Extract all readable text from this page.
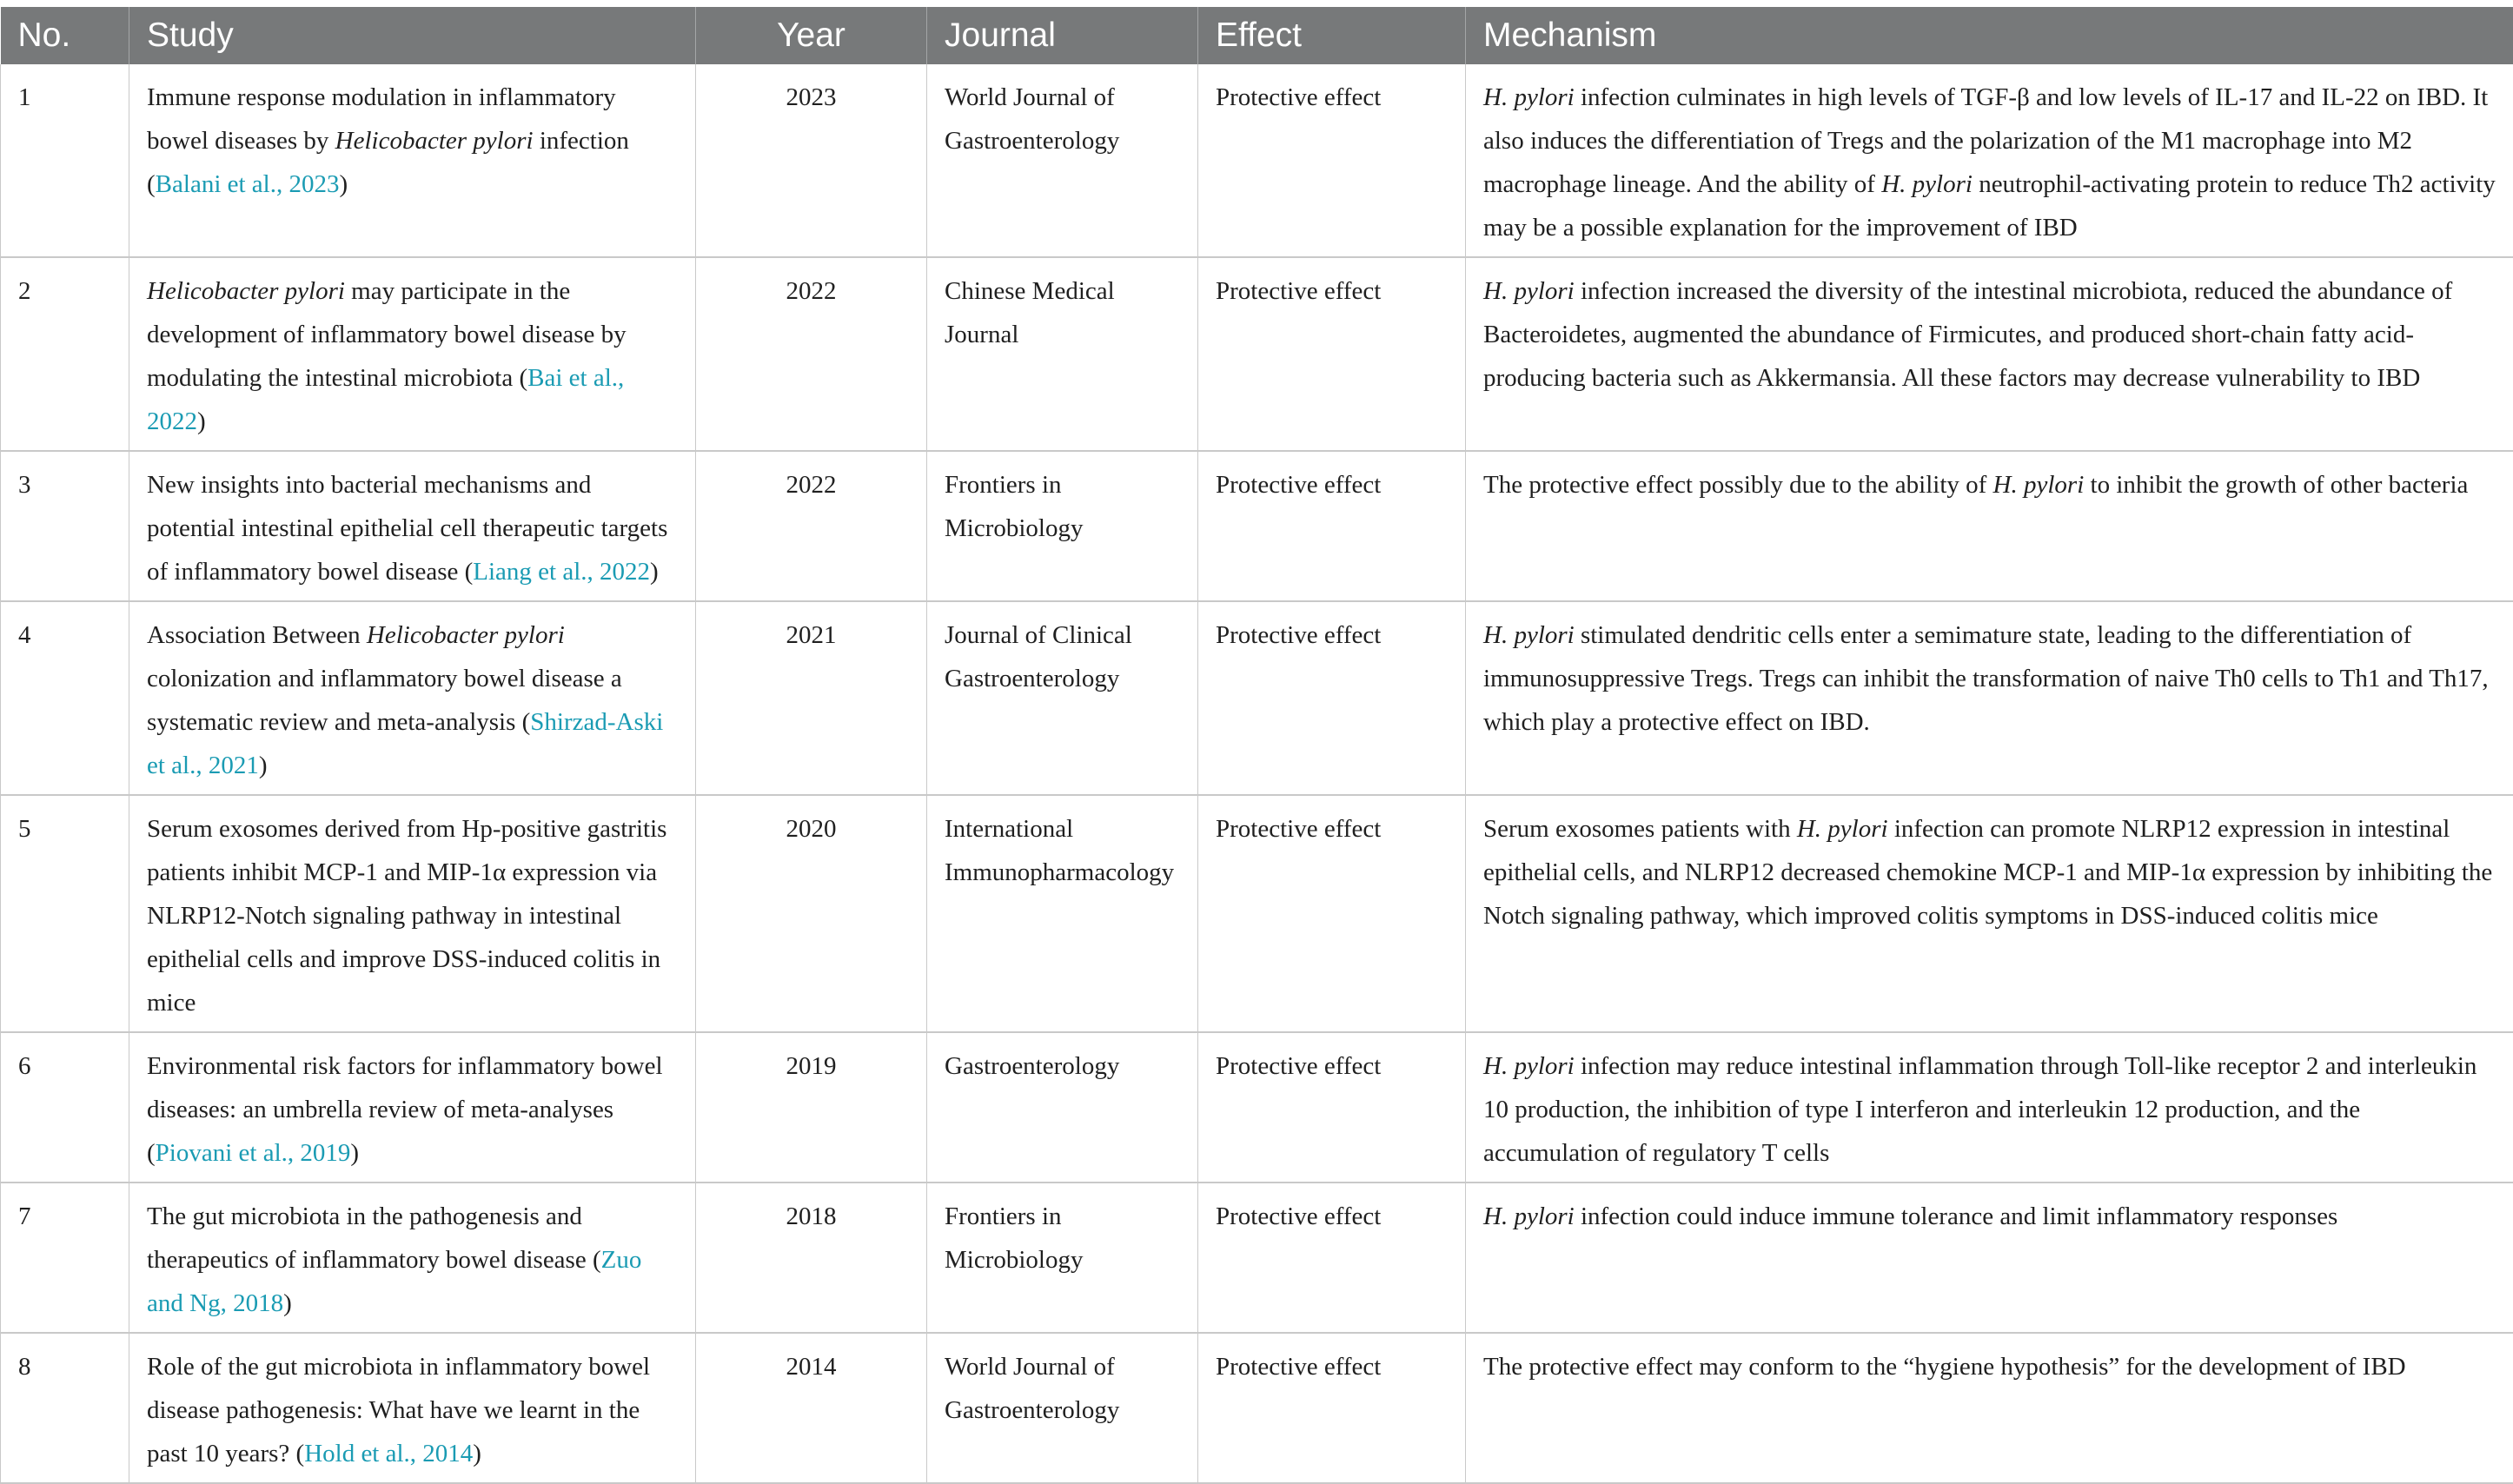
No.	Study	Year	Journal	Effect	Mechanism
1	Immune response modulation in inflammatory bowel diseases by Helicobacter pylori infection (Balani et al., 2023)	2023	World Journal of Gastroenterology	Protective effect	H. pylori infection culminates in high levels of TGF-β and low levels of IL-17 and IL-22 on IBD. It also induces the differentiation of Tregs and the polarization of the M1 macrophage into M2 macrophage lineage. And the ability of H. pylori neutrophil-activating protein to reduce Th2 activity may be a possible explanation for the improvement of IBD
2	Helicobacter pylori may participate in the development of inflammatory bowel disease by modulating the intestinal microbiota (Bai et al., 2022)	2022	Chinese Medical Journal	Protective effect	H. pylori infection increased the diversity of the intestinal microbiota, reduced the abundance of Bacteroidetes, augmented the abundance of Firmicutes, and produced short-chain fatty acid-producing bacteria such as Akkermansia. All these factors may decrease vulnerability to IBD
3	New insights into bacterial mechanisms and potential intestinal epithelial cell therapeutic targets of inflammatory bowel disease (Liang et al., 2022)	2022	Frontiers in Microbiology	Protective effect	The protective effect possibly due to the ability of H. pylori to inhibit the growth of other bacteria
4	Association Between Helicobacter pylori colonization and inflammatory bowel disease a systematic review and meta-analysis (Shirzad-Aski et al., 2021)	2021	Journal of Clinical Gastroenterology	Protective effect	H. pylori stimulated dendritic cells enter a semimature state, leading to the differentiation of immunosuppressive Tregs. Tregs can inhibit the transformation of naive Th0 cells to Th1 and Th17, which play a protective effect on IBD.
5	Serum exosomes derived from Hp-positive gastritis patients inhibit MCP-1 and MIP-1α expression via NLRP12-Notch signaling pathway in intestinal epithelial cells and improve DSS-induced colitis in mice	2020	International Immunopharmacology	Protective effect	Serum exosomes patients with H. pylori infection can promote NLRP12 expression in intestinal epithelial cells, and NLRP12 decreased chemokine MCP-1 and MIP-1α expression by inhibiting the Notch signaling pathway, which improved colitis symptoms in DSS-induced colitis mice
6	Environmental risk factors for inflammatory bowel diseases: an umbrella review of meta-analyses (Piovani et al., 2019)	2019	Gastroenterology	Protective effect	H. pylori infection may reduce intestinal inflammation through Toll-like receptor 2 and interleukin 10 production, the inhibition of type I interferon and interleukin 12 production, and the accumulation of regulatory T cells
7	The gut microbiota in the pathogenesis and therapeutics of inflammatory bowel disease (Zuo and Ng, 2018)	2018	Frontiers in Microbiology	Protective effect	H. pylori infection could induce immune tolerance and limit inflammatory responses
8	Role of the gut microbiota in inflammatory bowel disease pathogenesis: What have we learnt in the past 10 years? (Hold et al., 2014)	2014	World Journal of Gastroenterology	Protective effect	The protective effect may conform to the “hygiene hypothesis” for the development of IBD
